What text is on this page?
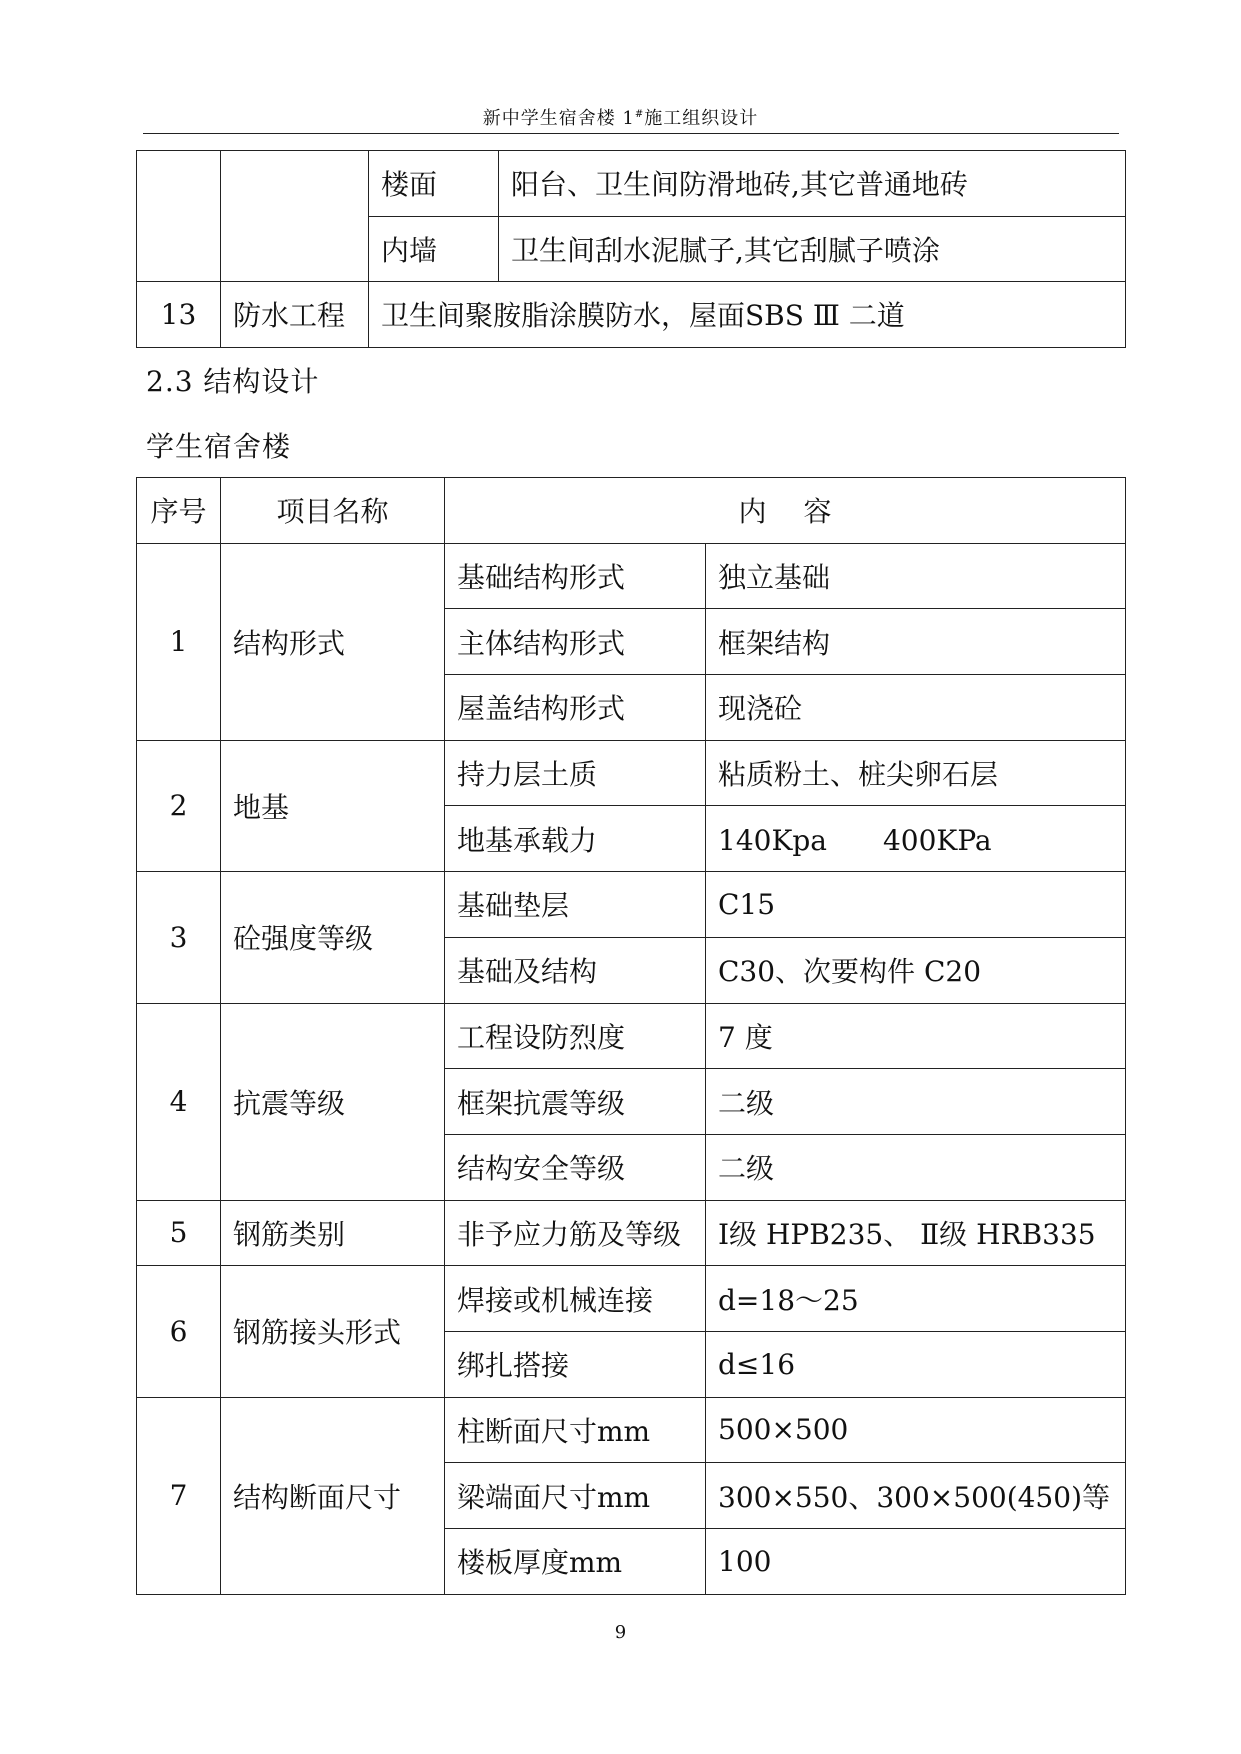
新中学生宿舍楼 1#施工组织设计
		楼面	阳台、卫生间防滑地砖,其它普通地砖
		内墙	卫生间刮水泥腻子,其它刮腻子喷涂
13	防水工程	卫生间聚胺脂涂膜防水，屋面SBS Ⅲ 二道	
2.3 结构设计
学生宿舍楼
序号	项目名称	内　 容	
1	结构形式	基础结构形式	独立基础
		主体结构形式	框架结构
		屋盖结构形式	现浇砼
2	地基	持力层土质	粘质粉土、桩尖卵石层
		地基承载力	140Kpa　　400KPa
3	砼强度等级	基础垫层	C15
		基础及结构	C30、次要构件 C20
4	抗震等级	工程设防烈度	7 度
		框架抗震等级	二级
		结构安全等级	二级
5	钢筋类别	非予应力筋及等级	Ⅰ级 HPB235、 Ⅱ级 HRB335
6	钢筋接头形式	焊接或机械连接	d=18～25
		绑扎搭接	d≤16
7	结构断面尺寸	柱断面尺寸mm	500×500
		梁端面尺寸mm	300×550、300×500(450)等
		楼板厚度mm	100
9
